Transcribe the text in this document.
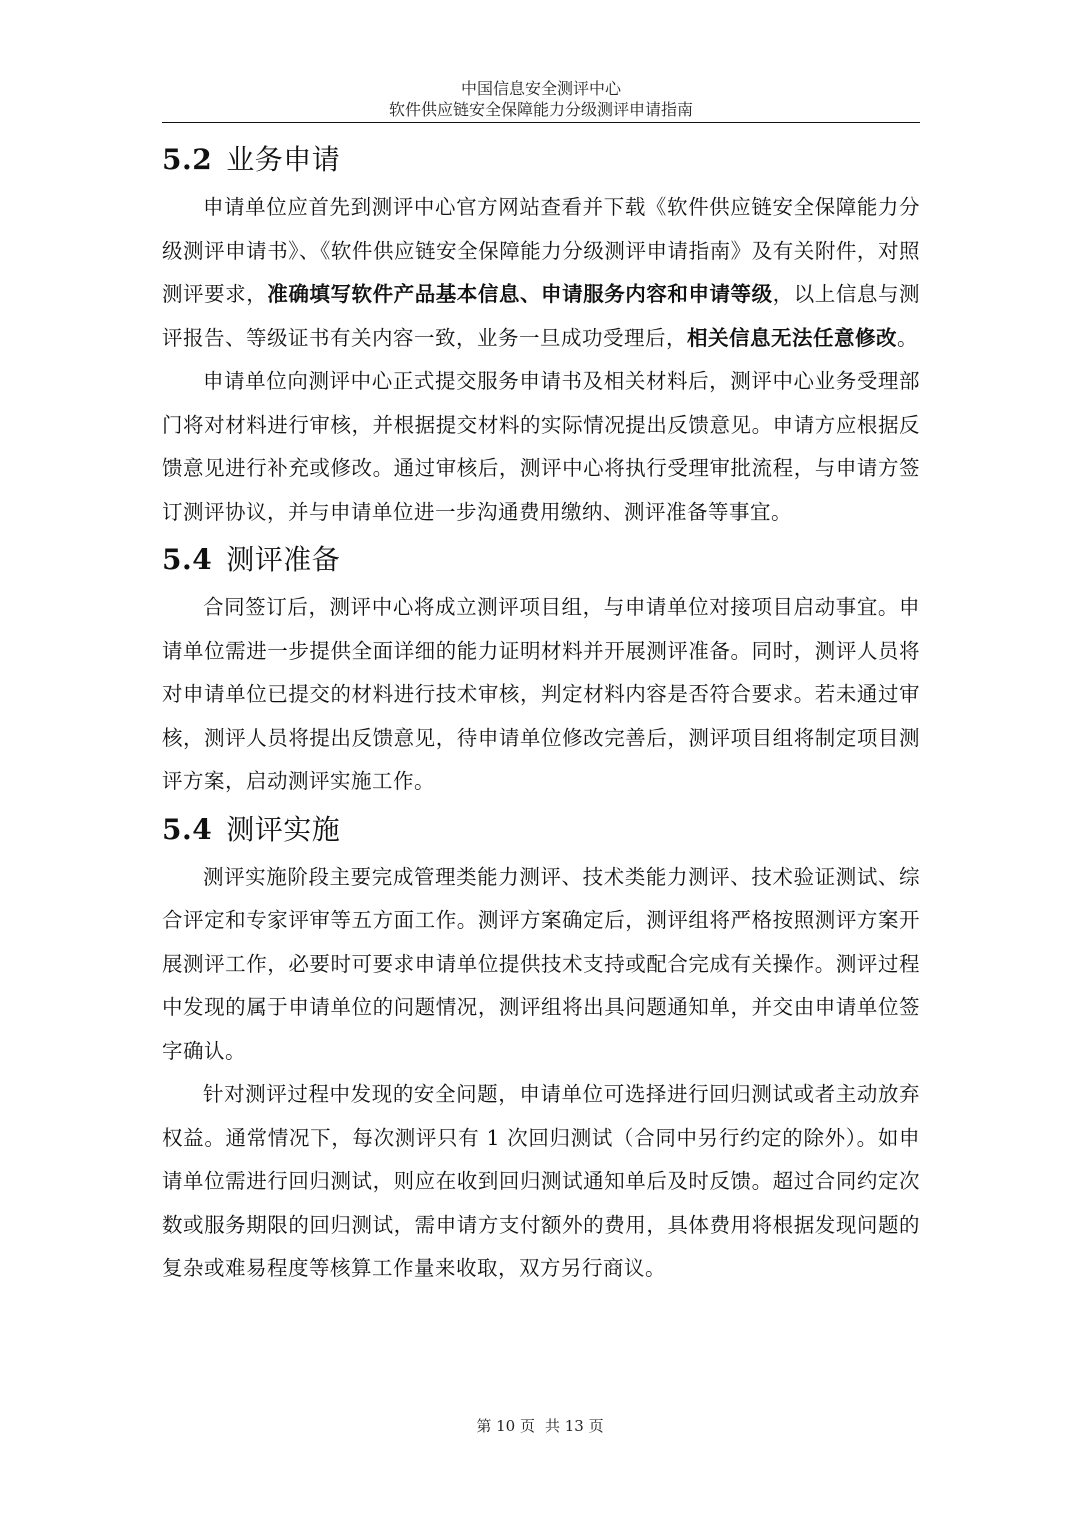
中国信息安全测评中心
软件供应链安全保障能力分级测评申请指南
5.2 业务申请

申请单位应首先到测评中心官方网站查看并下载《软件供应链安全保障能力分级测评申请书》、《软件供应链安全保障能力分级测评申请指南》及有关附件，对照测评要求，准确填写软件产品基本信息、申请服务内容和申请等级，以上信息与测评报告、等级证书有关内容一致，业务一旦成功受理后，相关信息无法任意修改。

申请单位向测评中心正式提交服务申请书及相关材料后，测评中心业务受理部门将对材料进行审核，并根据提交材料的实际情况提出反馈意见。申请方应根据反馈意见进行补充或修改。通过审核后，测评中心将执行受理审批流程，与申请方签订测评协议，并与申请单位进一步沟通费用缴纳、测评准备等事宜。

5.4 测评准备

合同签订后，测评中心将成立测评项目组，与申请单位对接项目启动事宜。申请单位需进一步提供全面详细的能力证明材料并开展测评准备。同时，测评人员将对申请单位已提交的材料进行技术审核，判定材料内容是否符合要求。若未通过审核，测评人员将提出反馈意见，待申请单位修改完善后，测评项目组将制定项目测评方案，启动测评实施工作。

5.4 测评实施

测评实施阶段主要完成管理类能力测评、技术类能力测评、技术验证测试、综合评定和专家评审等五方面工作。测评方案确定后，测评组将严格按照测评方案开展测评工作，必要时可要求申请单位提供技术支持或配合完成有关操作。测评过程中发现的属于申请单位的问题情况，测评组将出具问题通知单，并交由申请单位签字确认。

针对测评过程中发现的安全问题，申请单位可选择进行回归测试或者主动放弃权益。通常情况下，每次测评只有 1 次回归测试（合同中另行约定的除外）。如申请单位需进行回归测试，则应在收到回归测试通知单后及时反馈。超过合同约定次数或服务期限的回归测试，需申请方支付额外的费用，具体费用将根据发现问题的复杂或难易程度等核算工作量来收取，双方另行商议。

第 10 页 共 13 页
